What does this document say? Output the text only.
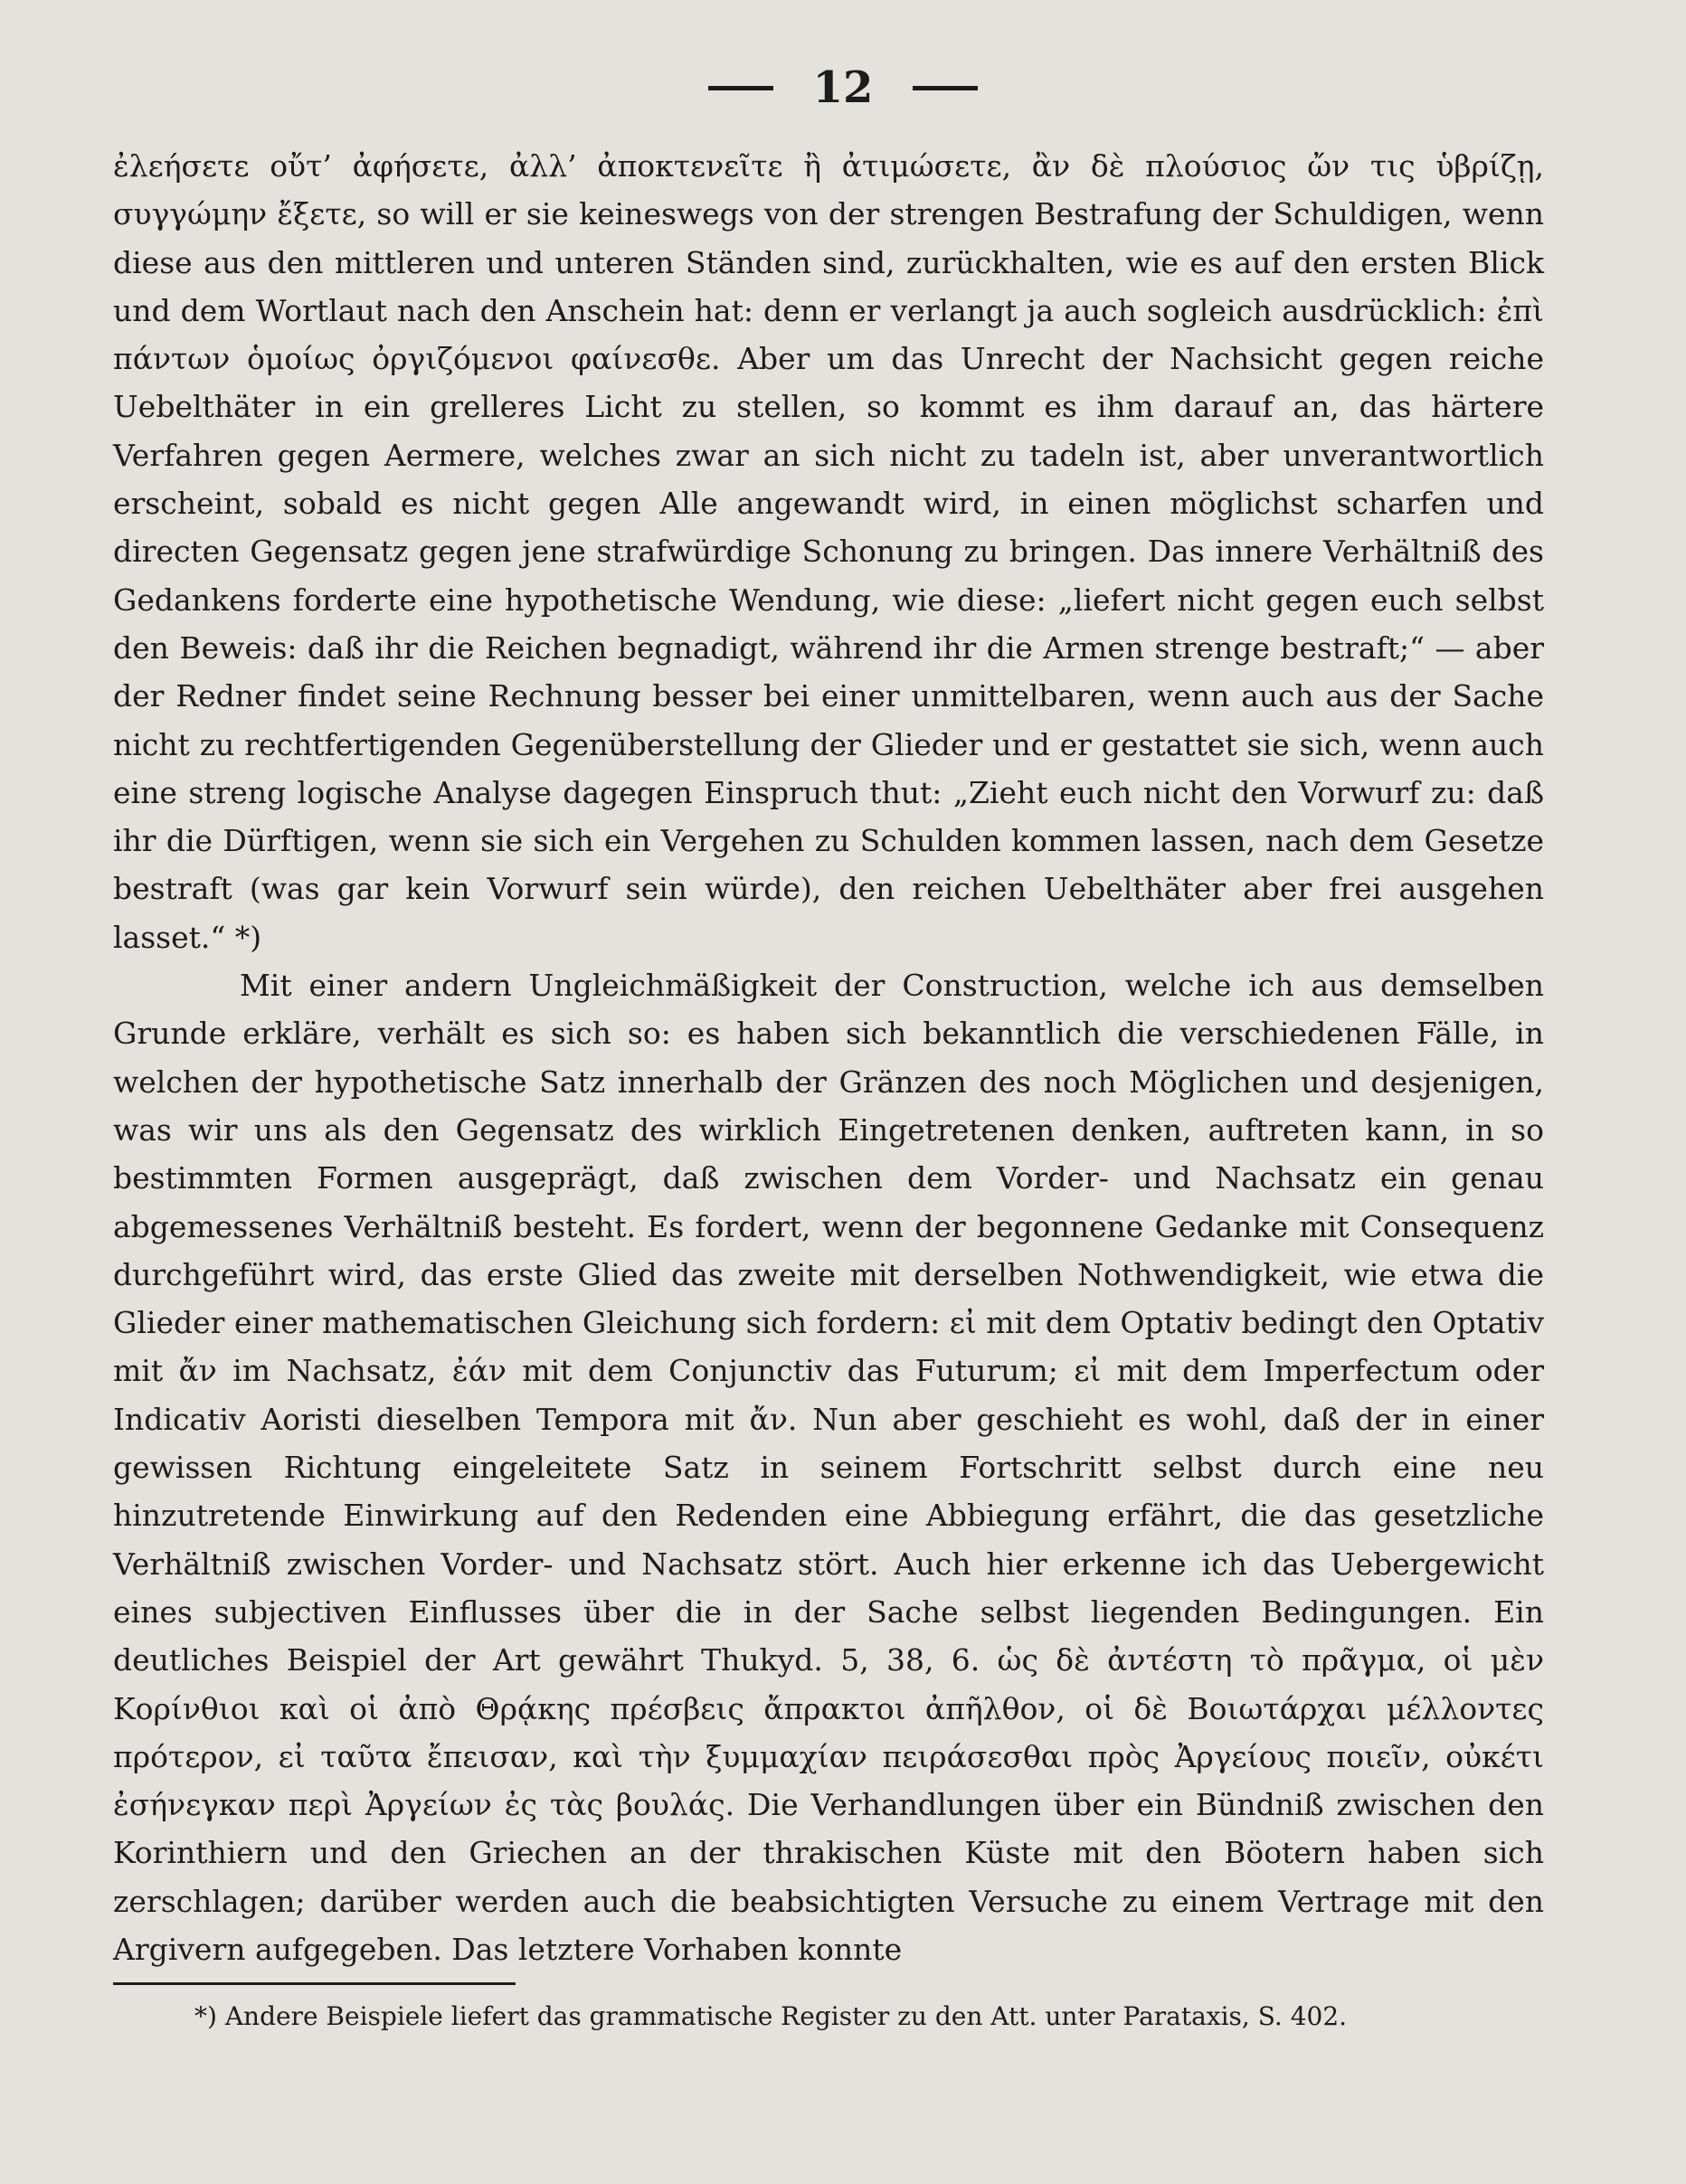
12

ἐλεήσετε οὔτ’ ἀφήσετε, ἀλλ’ ἀποκτενεῖτε ἢ ἀτιμώσετε, ἂν δὲ πλούσιος ὤν τις ὑβρίζῃ, συγγώμην ἔξετε, so will er sie keineswegs von der strengen Bestrafung der Schuldigen, wenn diese aus den mittleren und unteren Ständen sind, zurückhalten, wie es auf den ersten Blick und dem Wortlaut nach den Anschein hat: denn er verlangt ja auch sogleich ausdrücklich: ἐπὶ πάντων ὁμοίως ὀργιζόμενοι φαίνεσθε. Aber um das Unrecht der Nachsicht gegen reiche Uebelthäter in ein grelleres Licht zu stellen, so kommt es ihm darauf an, das härtere Verfahren gegen Aermere, welches zwar an sich nicht zu tadeln ist, aber unverantwortlich erscheint, sobald es nicht gegen Alle angewandt wird, in einen möglichst scharfen und directen Gegensatz gegen jene strafwürdige Schonung zu bringen. Das innere Verhältniß des Gedankens forderte eine hypothetische Wendung, wie diese: „liefert nicht gegen euch selbst den Beweis: daß ihr die Reichen begnadigt, während ihr die Armen strenge bestraft;“ — aber der Redner findet seine Rechnung besser bei einer unmittelbaren, wenn auch aus der Sache nicht zu rechtfertigenden Gegenüberstellung der Glieder und er gestattet sie sich, wenn auch eine streng logische Analyse dagegen Einspruch thut: „Zieht euch nicht den Vorwurf zu: daß ihr die Dürftigen, wenn sie sich ein Vergehen zu Schulden kommen lassen, nach dem Gesetze bestraft (was gar kein Vorwurf sein würde), den reichen Uebelthäter aber frei ausgehen lasset.“ *)

Mit einer andern Ungleichmäßigkeit der Construction, welche ich aus demselben Grunde erkläre, verhält es sich so: es haben sich bekanntlich die verschiedenen Fälle, in welchen der hypothetische Satz innerhalb der Gränzen des noch Möglichen und desjenigen, was wir uns als den Gegensatz des wirklich Eingetretenen denken, auftreten kann, in so bestimmten Formen ausgeprägt, daß zwischen dem Vorder- und Nachsatz ein genau abgemessenes Verhältniß besteht. Es fordert, wenn der begonnene Gedanke mit Consequenz durchgeführt wird, das erste Glied das zweite mit derselben Nothwendigkeit, wie etwa die Glieder einer mathematischen Gleichung sich fordern: εἰ mit dem Optativ bedingt den Optativ mit ἄν im Nachsatz, ἐάν mit dem Conjunctiv das Futurum; εἰ mit dem Imperfectum oder Indicativ Aoristi dieselben Tempora mit ἄν. Nun aber geschieht es wohl, daß der in einer gewissen Richtung eingeleitete Satz in seinem Fortschritt selbst durch eine neu hinzutretende Einwirkung auf den Redenden eine Abbiegung erfährt, die das gesetzliche Verhältniß zwischen Vorder- und Nachsatz stört. Auch hier erkenne ich das Uebergewicht eines subjectiven Einflusses über die in der Sache selbst liegenden Bedingungen. Ein deutliches Beispiel der Art gewährt Thukyd. 5, 38, 6. ὡς δὲ ἀντέστη τὸ πρᾶγμα, οἱ μὲν Κορίνθιοι καὶ οἱ ἀπὸ Θρᾴκης πρέσβεις ἄπρακτοι ἀπῆλθον, οἱ δὲ Βοιωτάρχαι μέλλοντες πρότερον, εἰ ταῦτα ἔπεισαν, καὶ τὴν ξυμμαχίαν πειράσεσθαι πρὸς Ἀργείους ποιεῖν, οὐκέτι ἐσήνεγκαν περὶ Ἀργείων ἐς τὰς βουλάς. Die Verhandlungen über ein Bündniß zwischen den Korinthiern und den Griechen an der thrakischen Küste mit den Böotern haben sich zerschlagen; darüber werden auch die beabsichtigten Versuche zu einem Vertrage mit den Argivern aufgegeben. Das letztere Vorhaben konnte

*) Andere Beispiele liefert das grammatische Register zu den Att. unter Parataxis, S. 402.
